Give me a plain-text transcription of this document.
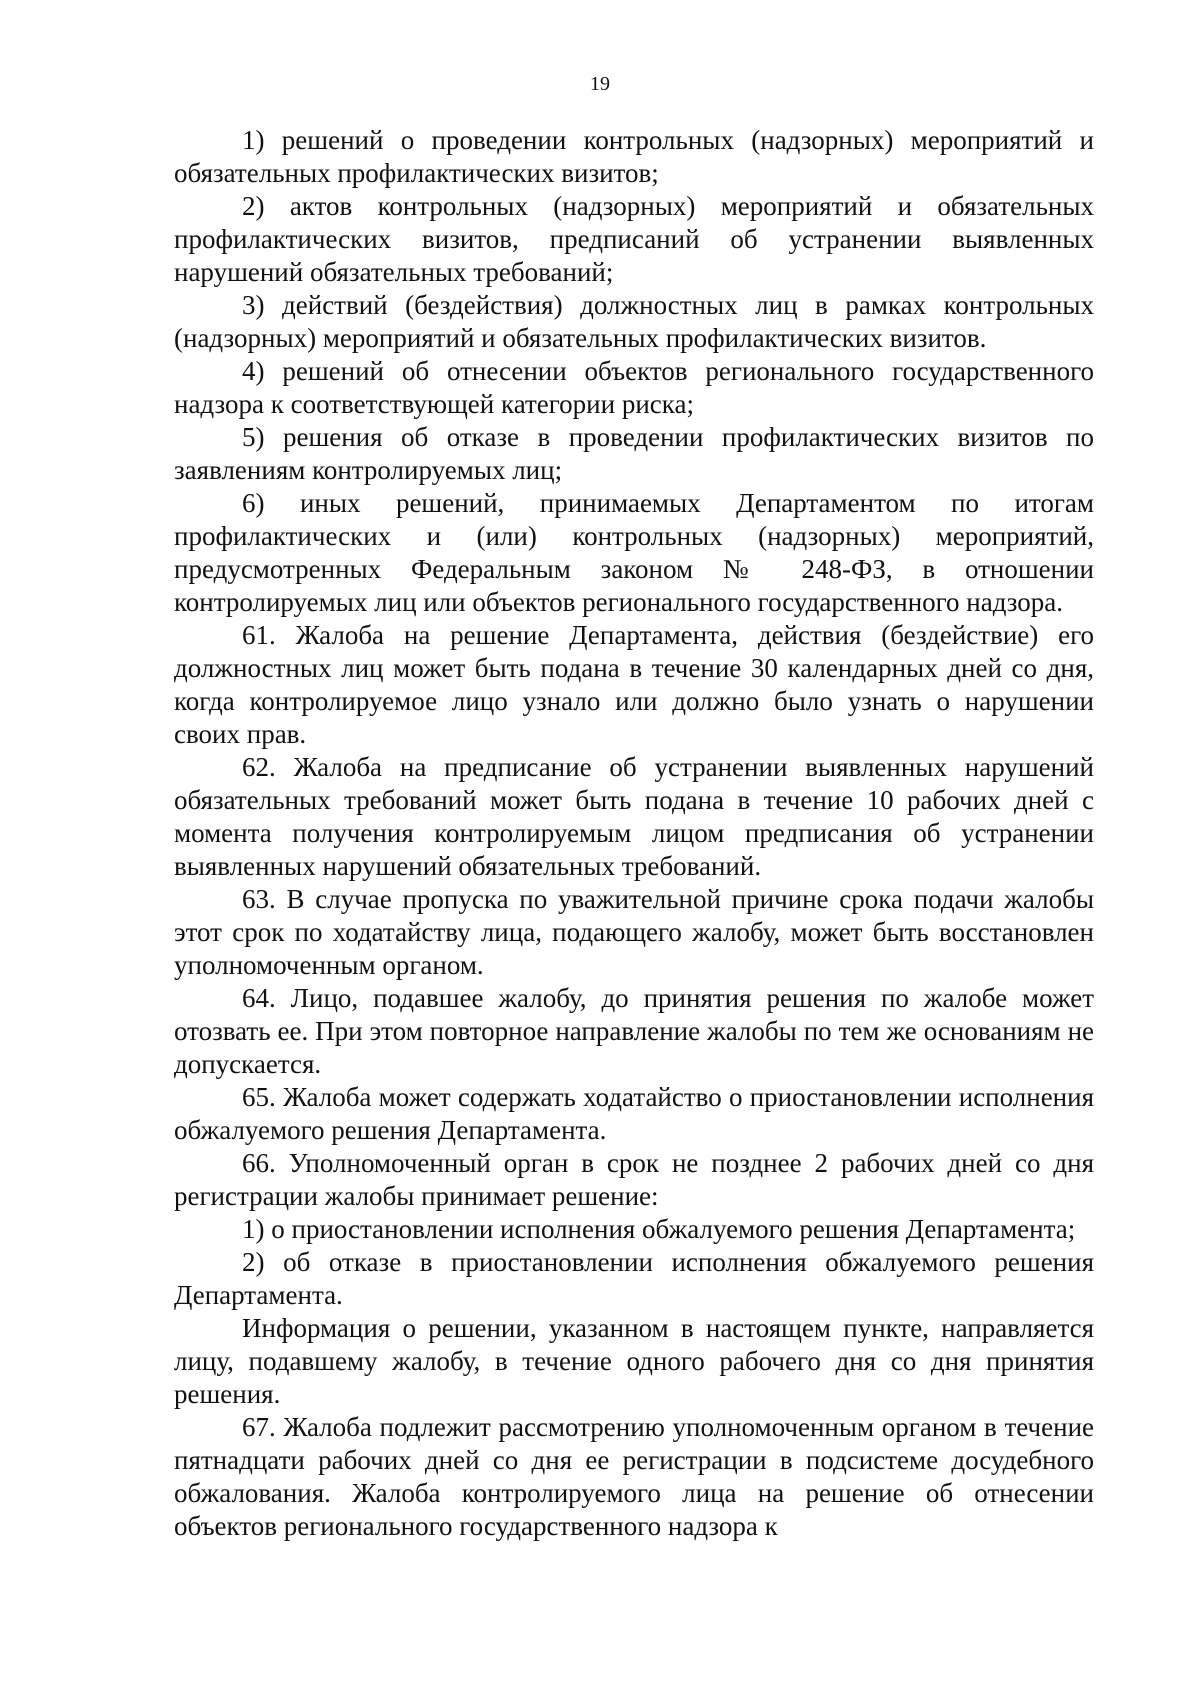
19

1) решений о проведении контрольных (надзорных) мероприятий и обязательных профилактических визитов;

2) актов контрольных (надзорных) мероприятий и обязательных профилактических визитов, предписаний об устранении выявленных нарушений обязательных требований;

3) действий (бездействия) должностных лиц в рамках контрольных (надзорных) мероприятий и обязательных профилактических визитов.

4) решений об отнесении объектов регионального государственного надзора к соответствующей категории риска;

5) решения об отказе в проведении профилактических визитов по заявлениям контролируемых лиц;

6) иных решений, принимаемых Департаментом по итогам профилактических и (или) контрольных (надзорных) мероприятий, предусмотренных Федеральным законом № 248-ФЗ, в отношении контролируемых лиц или объектов регионального государственного надзора.

61. Жалоба на решение Департамента, действия (бездействие) его должностных лиц может быть подана в течение 30 календарных дней со дня, когда контролируемое лицо узнало или должно было узнать о нарушении своих прав.

62. Жалоба на предписание об устранении выявленных нарушений обязательных требований может быть подана в течение 10 рабочих дней с момента получения контролируемым лицом предписания об устранении выявленных нарушений обязательных требований.

63. В случае пропуска по уважительной причине срока подачи жалобы этот срок по ходатайству лица, подающего жалобу, может быть восстановлен уполномоченным органом.

64. Лицо, подавшее жалобу, до принятия решения по жалобе может отозвать ее. При этом повторное направление жалобы по тем же основаниям не допускается.

65. Жалоба может содержать ходатайство о приостановлении исполнения обжалуемого решения Департамента.

66. Уполномоченный орган в срок не позднее 2 рабочих дней со дня регистрации жалобы принимает решение:

1) о приостановлении исполнения обжалуемого решения Департамента;

2) об отказе в приостановлении исполнения обжалуемого решения Департамента.

Информация о решении, указанном в настоящем пункте, направляется лицу, подавшему жалобу, в течение одного рабочего дня со дня принятия решения.

67. Жалоба подлежит рассмотрению уполномоченным органом в течение пятнадцати рабочих дней со дня ее регистрации в подсистеме досудебного обжалования. Жалоба контролируемого лица на решение об отнесении объектов регионального государственного надзора к
